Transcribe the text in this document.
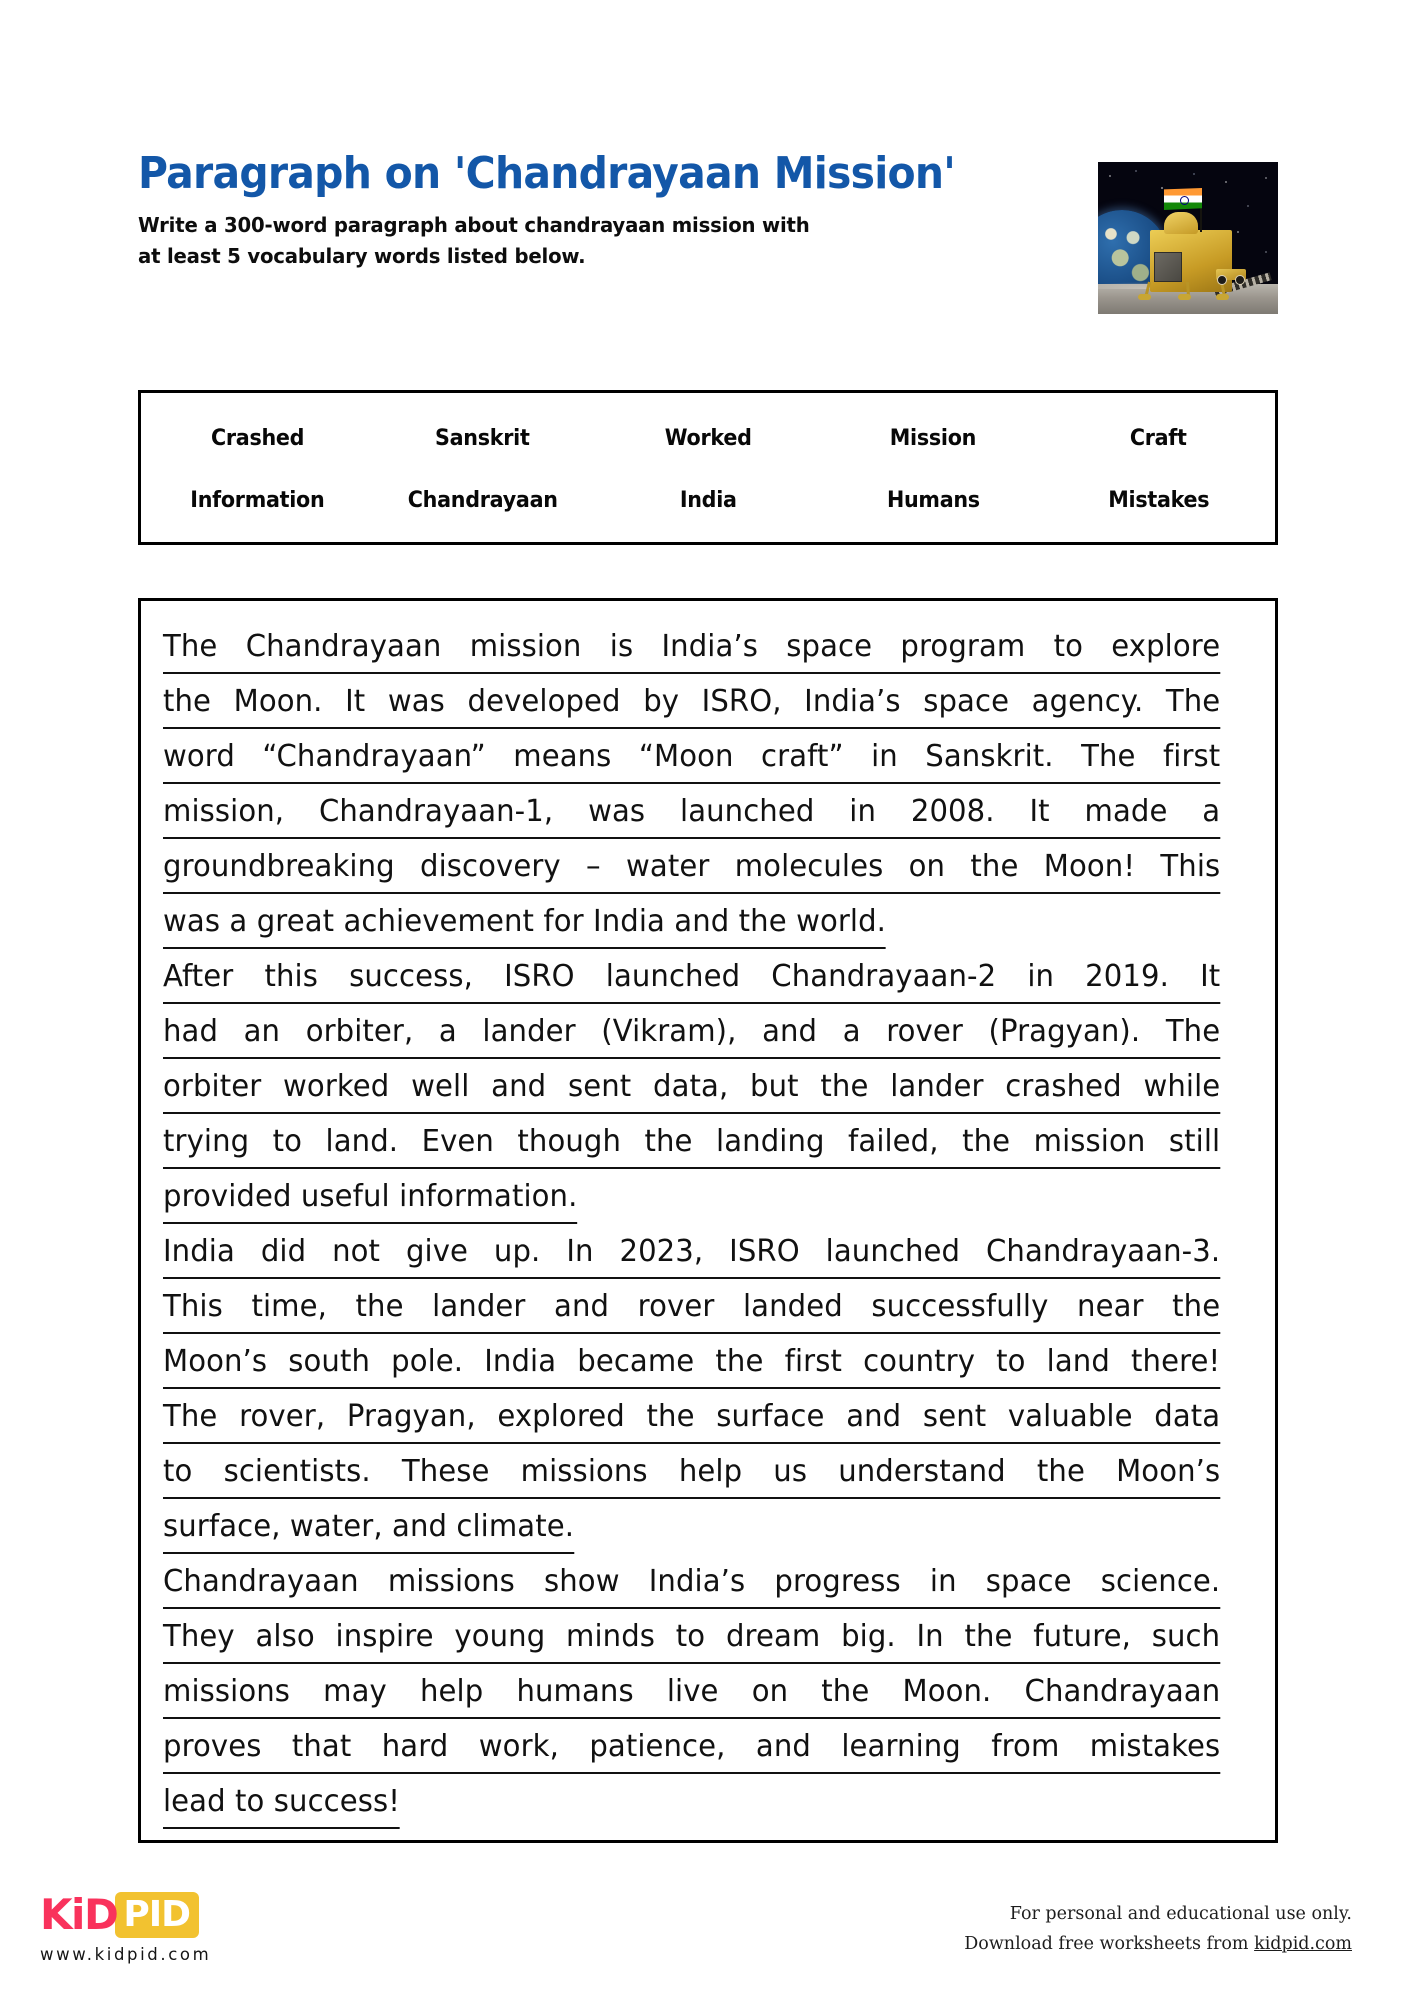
Paragraph on 'Chandrayaan Mission'
Write a 300-word paragraph about chandrayaan mission with
at least 5 vocabulary words listed below.
Crashed	Sanskrit	Worked	Mission	Craft
Information	Chandrayaan	India	Humans	Mistakes
The Chandrayaan mission is India’s space program to explore
the Moon. It was developed by ISRO, India’s space agency. The
word “Chandrayaan” means “Moon craft” in Sanskrit. The first
mission, Chandrayaan-1, was launched in 2008. It made a
groundbreaking discovery – water molecules on the Moon! This
was a great achievement for India and the world.
After this success, ISRO launched Chandrayaan-2 in 2019. It
had an orbiter, a lander (Vikram), and a rover (Pragyan). The
orbiter worked well and sent data, but the lander crashed while
trying to land. Even though the landing failed, the mission still
provided useful information.
India did not give up. In 2023, ISRO launched Chandrayaan-3.
This time, the lander and rover landed successfully near the
Moon’s south pole. India became the first country to land there!
The rover, Pragyan, explored the surface and sent valuable data
to scientists. These missions help us understand the Moon’s
surface, water, and climate.
Chandrayaan missions show India’s progress in space science.
They also inspire young minds to dream big. In the future, such
missions may help humans live on the Moon. Chandrayaan
proves that hard work, patience, and learning from mistakes
lead to success!
KiD PID
www.kidpid.com
For personal and educational use only.
Download free worksheets from kidpid.com
